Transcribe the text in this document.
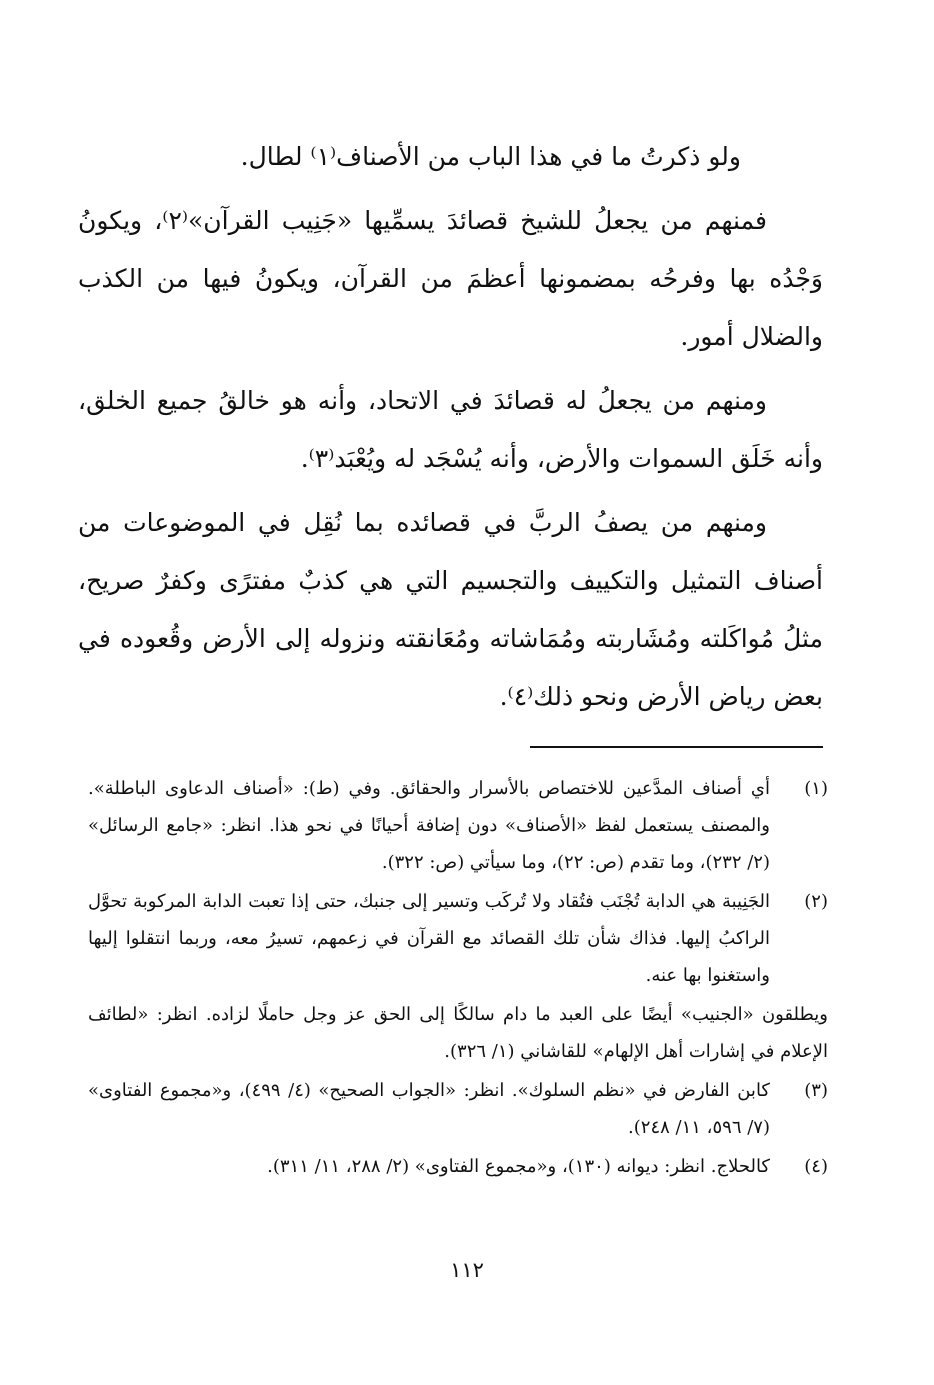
ولو ذكرتُ ما في هذا الباب من الأصناف⁽١⁾ لطال.

فمنهم من يجعلُ للشيخ قصائدَ يسمِّيها «جَنِيب القرآن»⁽٢⁾، ويكونُ وَجْدُه بها وفرحُه بمضمونها أعظمَ من القرآن، ويكونُ فيها من الكذب والضلال أمور.

ومنهم من يجعلُ له قصائدَ في الاتحاد، وأنه هو خالقُ جميع الخلق، وأنه خَلَق السموات والأرض، وأنه يُسْجَد له ويُعْبَد⁽٣⁾.

ومنهم من يصفُ الربَّ في قصائده بما نُقِل في الموضوعات من أصناف التمثيل والتكييف والتجسيم التي هي كذبٌ مفترًى وكفرٌ صريح، مثلُ مُواكَلته ومُشَاربته ومُمَاشاته ومُعَانقته ونزوله إلى الأرض وقُعوده في بعض رياض الأرض ونحو ذلك⁽٤⁾.

(١)
أي أصناف المدَّعين للاختصاص بالأسرار والحقائق. وفي (ط): «أصناف الدعاوى الباطلة». والمصنف يستعمل لفظ «الأصناف» دون إضافة أحيانًا في نحو هذا. انظر: «جامع الرسائل» (٢/ ٢٣٢)، وما تقدم (ص: ٢٢)، وما سيأتي (ص: ٣٢٢).
(٢)
الجَنِيبة هي الدابة تُجْنَب فتُقاد ولا تُركَب وتسير إلى جنبك، حتى إذا تعبت الدابة المركوبة تحوَّل الراكبُ إليها. فذاك شأن تلك القصائد مع القرآن في زعمهم، تسيرُ معه، وربما انتقلوا إليها واستغنوا بها عنه.
ويطلقون «الجنيب» أيضًا على العبد ما دام سالكًا إلى الحق عز وجل حاملًا لزاده. انظر: «لطائف الإعلام في إشارات أهل الإلهام» للقاشاني (١/ ٣٢٦).
(٣)
كابن الفارض في «نظم السلوك». انظر: «الجواب الصحيح» (٤/ ٤٩٩)، و«مجموع الفتاوى» (٧/ ٥٩٦، ١١/ ٢٤٨).
(٤)
كالحلاج. انظر: ديوانه (١٣٠)، و«مجموع الفتاوى» (٢/ ٢٨٨، ١١/ ٣١١).
١١٢
